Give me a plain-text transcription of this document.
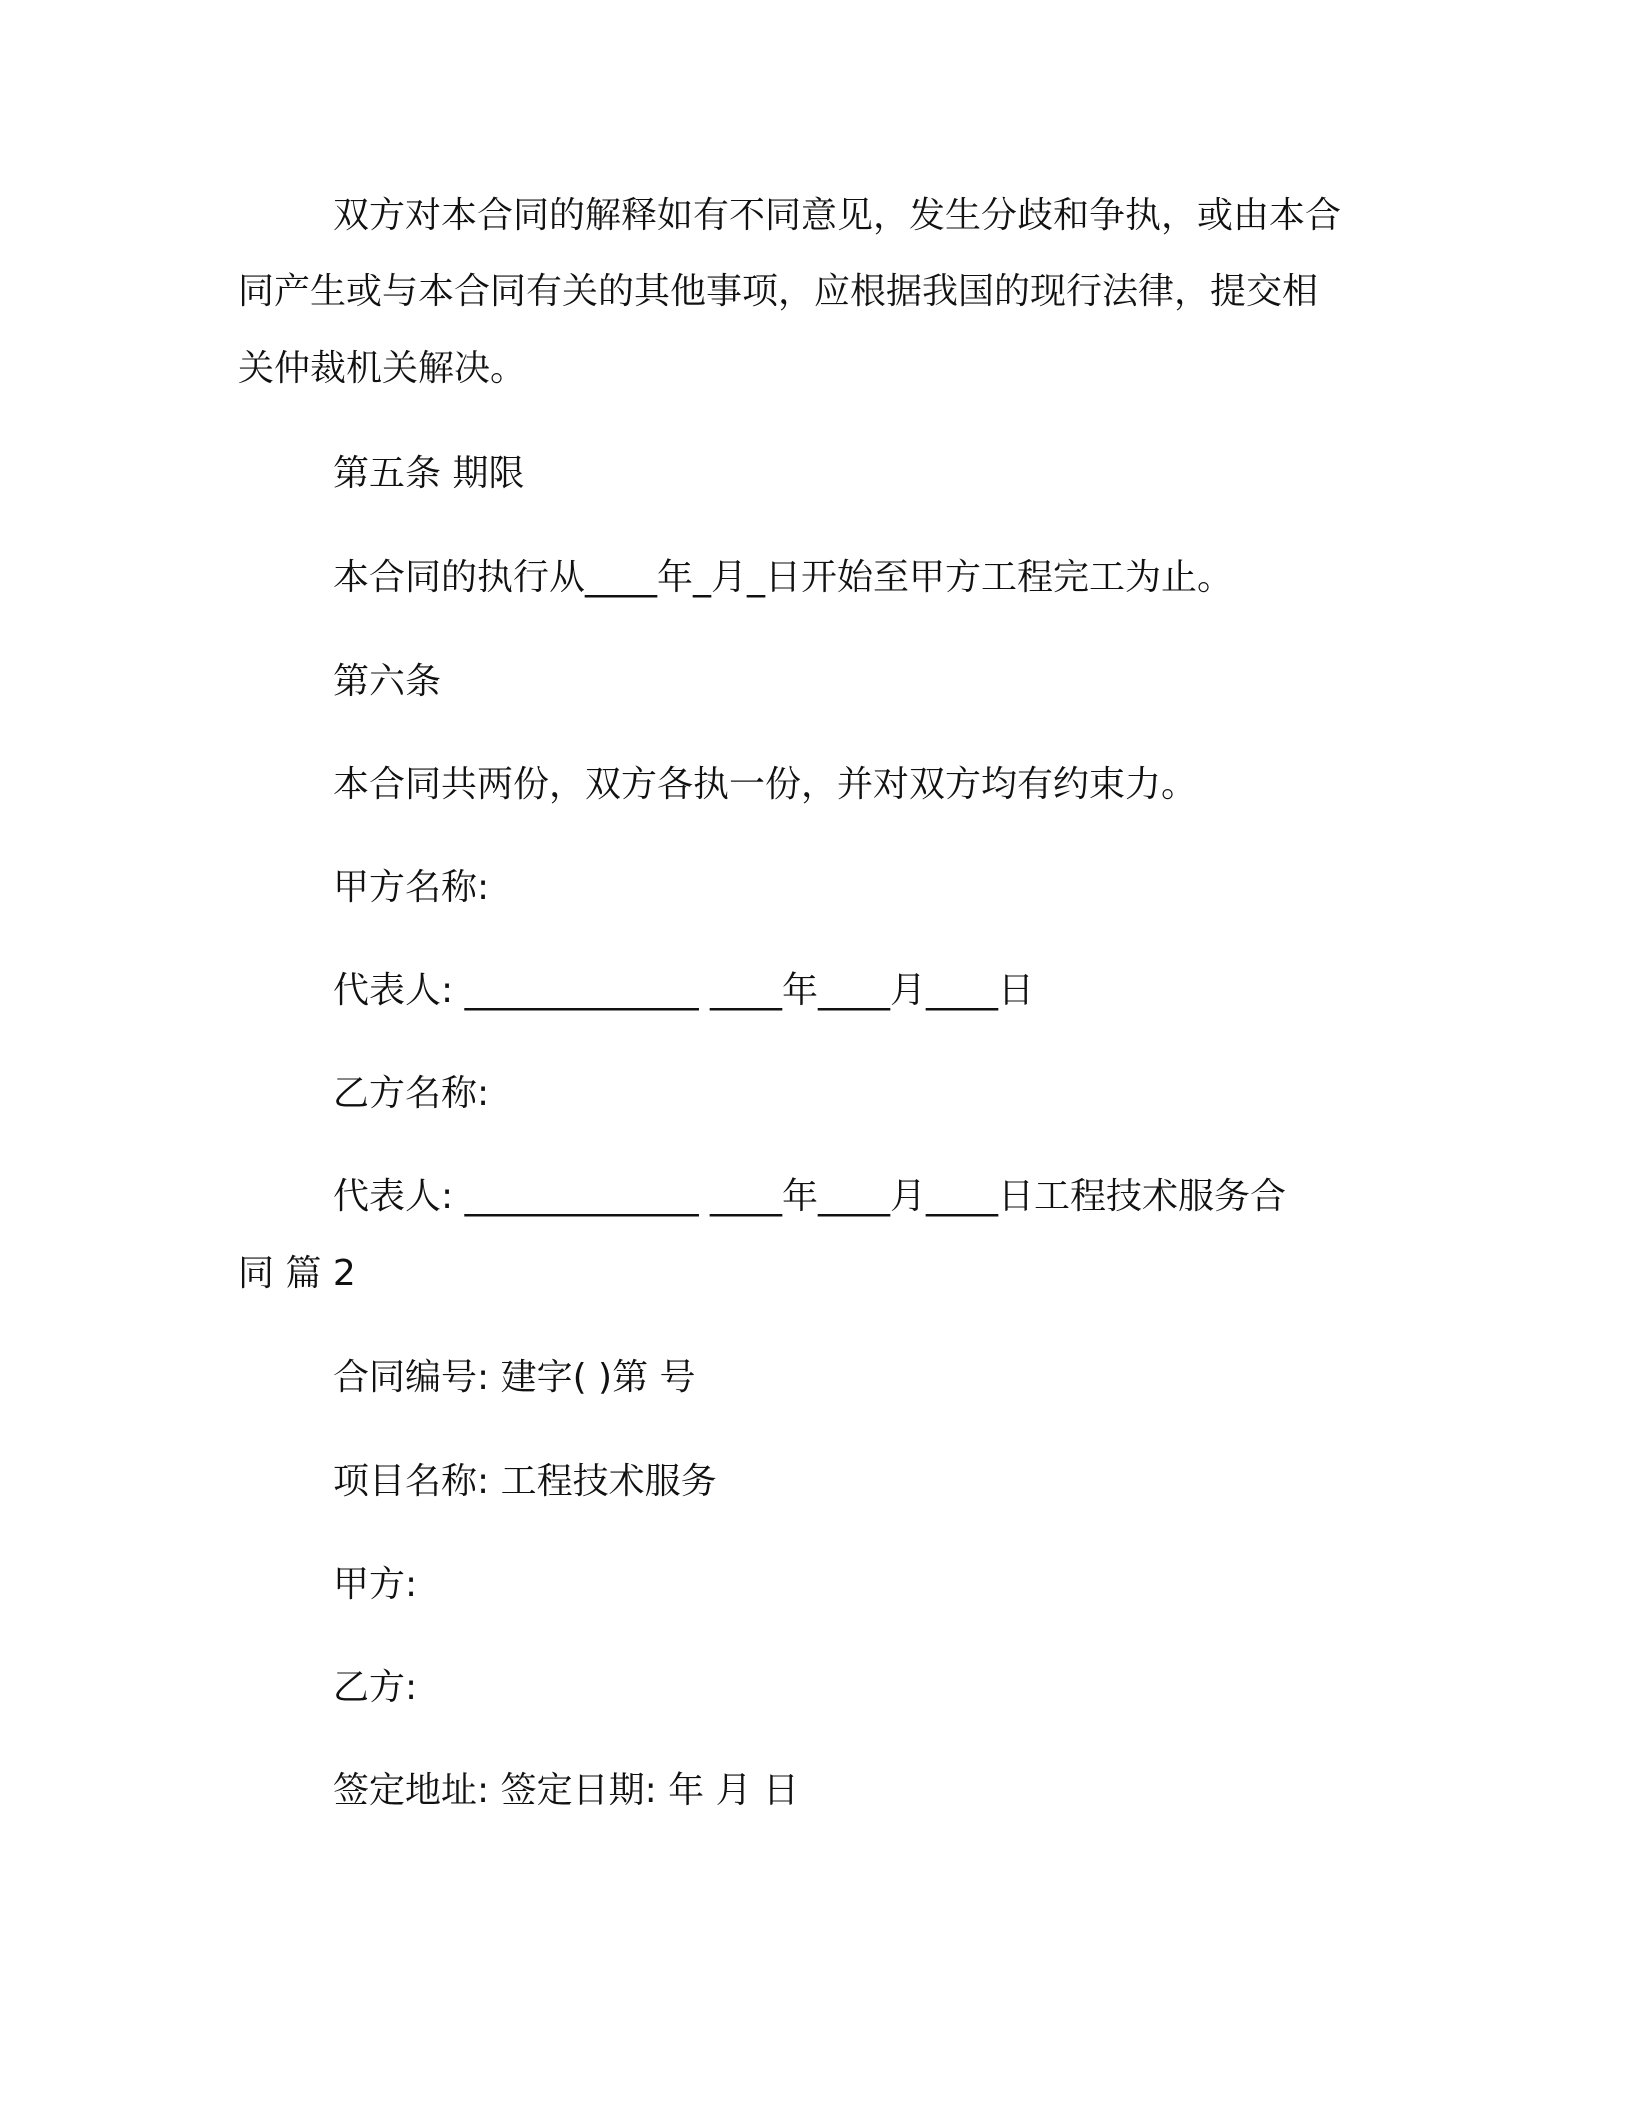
双方对本合同的解释如有不同意见，发生分歧和争执，或由本合
同产生或与本合同有关的其他事项，应根据我国的现行法律，提交相
关仲裁机关解决。
第五条 期限
本合同的执行从____年_月_日开始至甲方工程完工为止。
第六条
本合同共两份，双方各执一份，并对双方均有约束力。
甲方名称:
代表人: _____________ ____年____月____日
乙方名称:
代表人: _____________ ____年____月____日工程技术服务合
同 篇 2
合同编号: 建字( )第 号
项目名称: 工程技术服务
甲方:
乙方:
签定地址: 签定日期: 年 月 日
